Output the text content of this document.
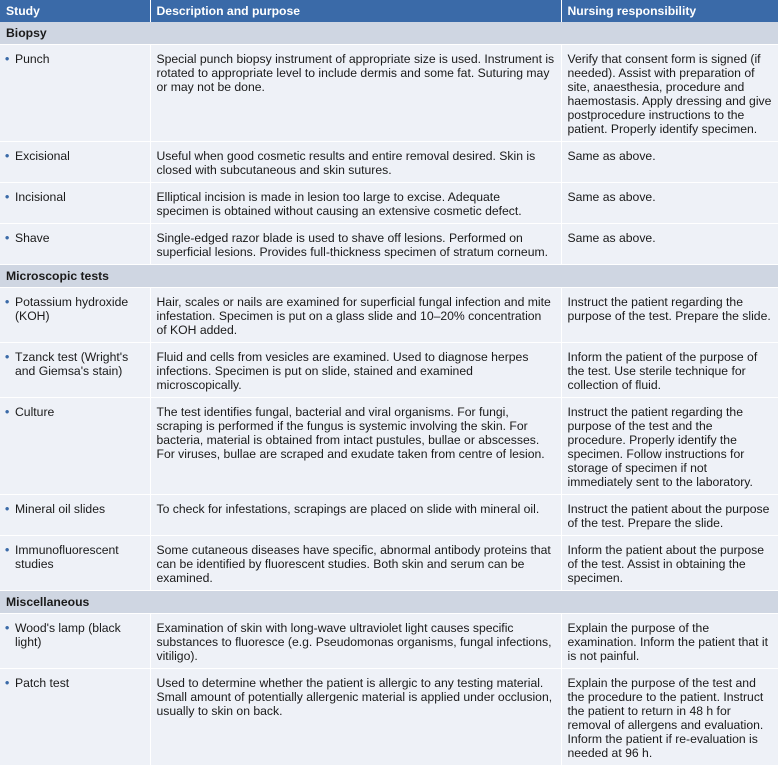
Study	Description and purpose	Nursing responsibility
Biopsy		
• Punch	Special punch biopsy instrument of appropriate size is used. Instrument is rotated to appropriate level to include dermis and some fat. Suturing may or may not be done.	Verify that consent form is signed (if needed). Assist with preparation of site, anaesthesia, procedure and haemostasis. Apply dressing and give postprocedure instructions to the patient. Properly identify specimen.
• Excisional	Useful when good cosmetic results and entire removal desired. Skin is closed with subcutaneous and skin sutures.	Same as above.
• Incisional	Elliptical incision is made in lesion too large to excise. Adequate specimen is obtained without causing an extensive cosmetic defect.	Same as above.
• Shave	Single-edged razor blade is used to shave off lesions. Performed on superficial lesions. Provides full-thickness specimen of stratum corneum.	Same as above.
Microscopic tests		
• Potassium hydroxide (KOH)	Hair, scales or nails are examined for superficial fungal infection and mite infestation. Specimen is put on a glass slide and 10–20% concentration of KOH added.	Instruct the patient regarding the purpose of the test. Prepare the slide.
• Tzanck test (Wright's and Giemsa's stain)	Fluid and cells from vesicles are examined. Used to diagnose herpes infections. Specimen is put on slide, stained and examined microscopically.	Inform the patient of the purpose of the test. Use sterile technique for collection of fluid.
• Culture	The test identifies fungal, bacterial and viral organisms. For fungi, scraping is performed if the fungus is systemic involving the skin. For bacteria, material is obtained from intact pustules, bullae or abscesses. For viruses, bullae are scraped and exudate taken from centre of lesion.	Instruct the patient regarding the purpose of the test and the procedure. Properly identify the specimen. Follow instructions for storage of specimen if not immediately sent to the laboratory.
• Mineral oil slides	To check for infestations, scrapings are placed on slide with mineral oil.	Instruct the patient about the purpose of the test. Prepare the slide.
• Immunofluorescent studies	Some cutaneous diseases have specific, abnormal antibody proteins that can be identified by fluorescent studies. Both skin and serum can be examined.	Inform the patient about the purpose of the test. Assist in obtaining the specimen.
Miscellaneous		
• Wood's lamp (black light)	Examination of skin with long-wave ultraviolet light causes specific substances to fluoresce (e.g. Pseudomonas organisms, fungal infections, vitiligo).	Explain the purpose of the examination. Inform the patient that it is not painful.
• Patch test	Used to determine whether the patient is allergic to any testing material. Small amount of potentially allergenic material is applied under occlusion, usually to skin on back.	Explain the purpose of the test and the procedure to the patient. Instruct the patient to return in 48 h for removal of allergens and evaluation. Inform the patient if re-evaluation is needed at 96 h.
